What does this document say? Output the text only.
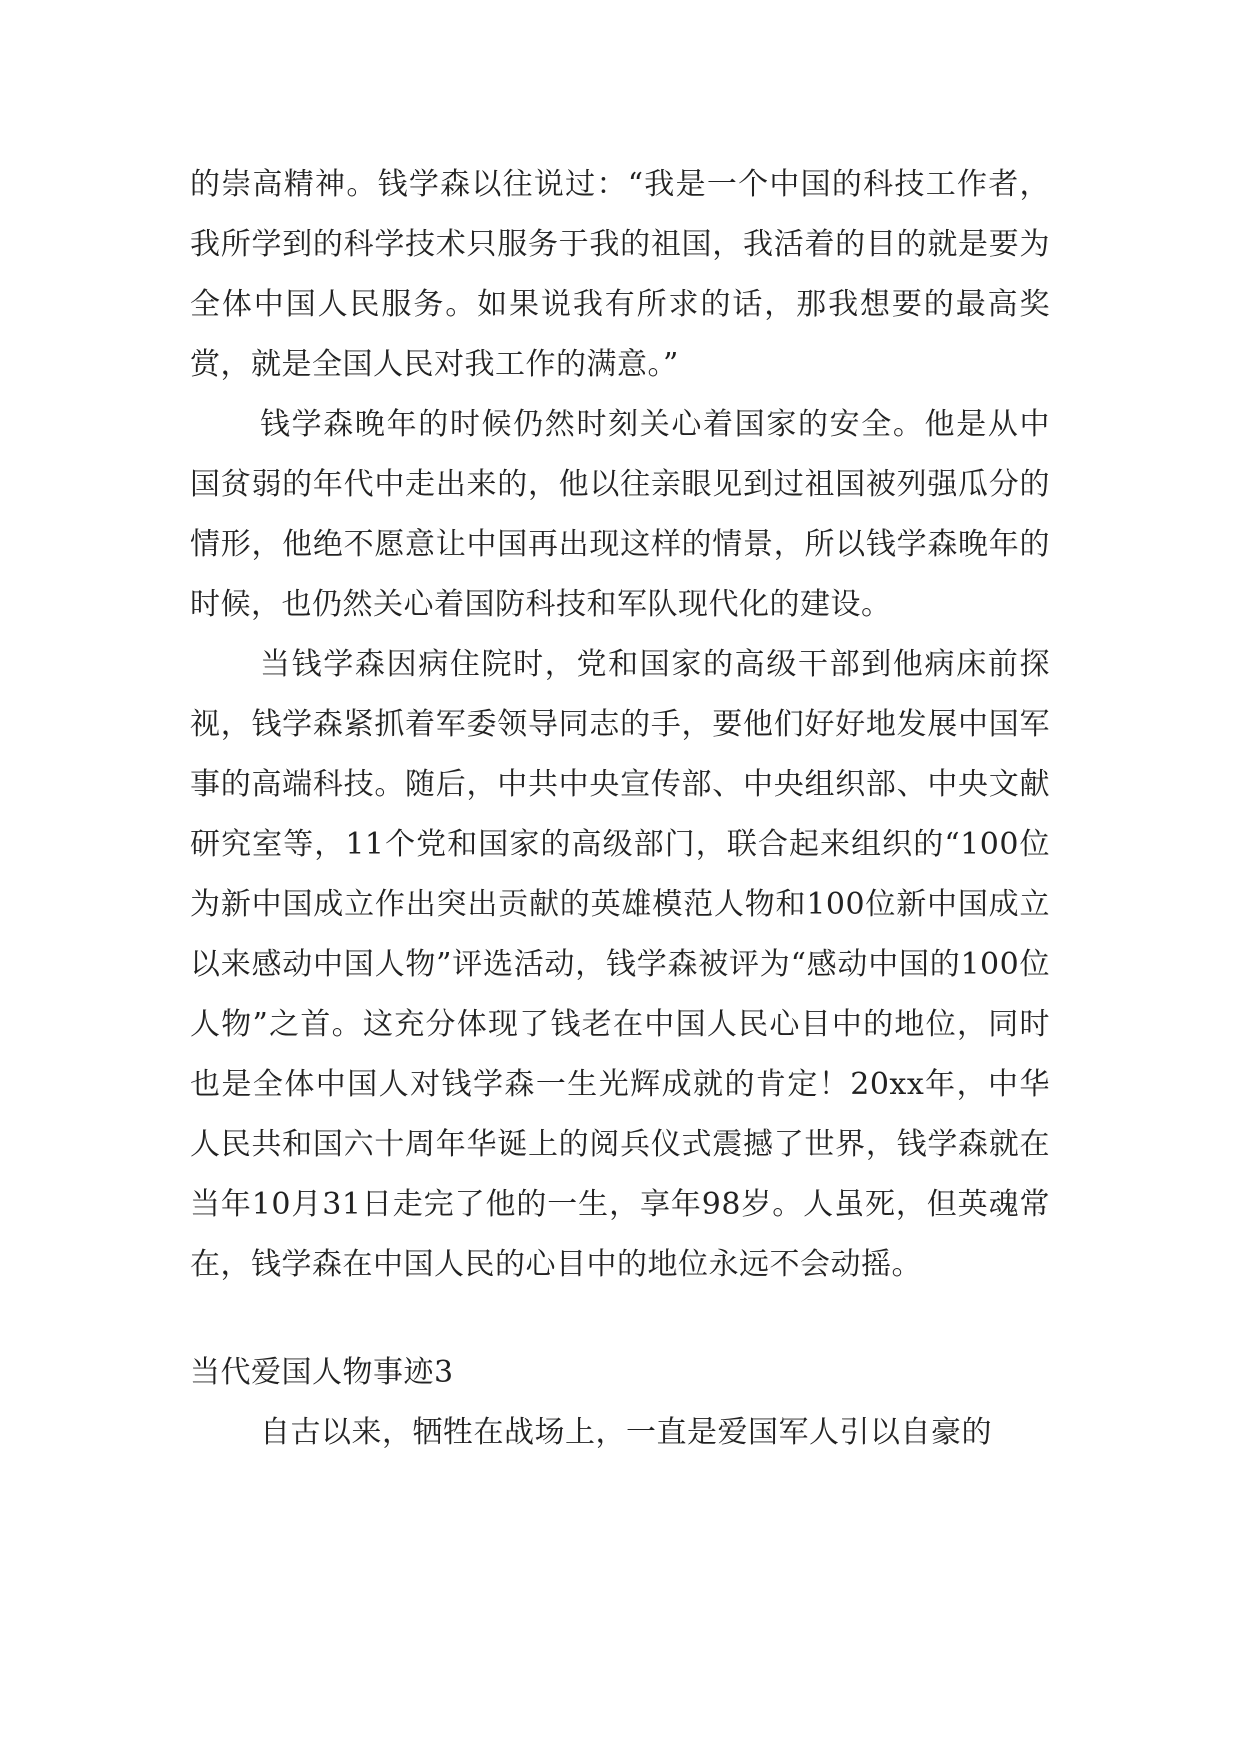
的崇高精神。钱学森以往说过：“我是一个中国的科技工作者，我所学到的科学技术只服务于我的祖国，我活着的目的就是要为全体中国人民服务。如果说我有所求的话，那我想要的最高奖赏，就是全国人民对我工作的满意。”

钱学森晚年的时候仍然时刻关心着国家的安全。他是从中国贫弱的年代中走出来的，他以往亲眼见到过祖国被列强瓜分的情形，他绝不愿意让中国再出现这样的情景，所以钱学森晚年的时候，也仍然关心着国防科技和军队现代化的建设。

当钱学森因病住院时，党和国家的高级干部到他病床前探视，钱学森紧抓着军委领导同志的手，要他们好好地发展中国军事的高端科技。随后，中共中央宣传部、中央组织部、中央文献研究室等，11个党和国家的高级部门，联合起来组织的“100位为新中国成立作出突出贡献的英雄模范人物和100位新中国成立以来感动中国人物”评选活动，钱学森被评为“感动中国的100位人物”之首。这充分体现了钱老在中国人民心目中的地位，同时也是全体中国人对钱学森一生光辉成就的肯定！20xx年，中华人民共和国六十周年华诞上的阅兵仪式震撼了世界，钱学森就在当年10月31日走完了他的一生，享年98岁。人虽死，但英魂常在，钱学森在中国人民的心目中的地位永远不会动摇。

当代爱国人物事迹3

自古以来，牺牲在战场上，一直是爱国军人引以自豪的
